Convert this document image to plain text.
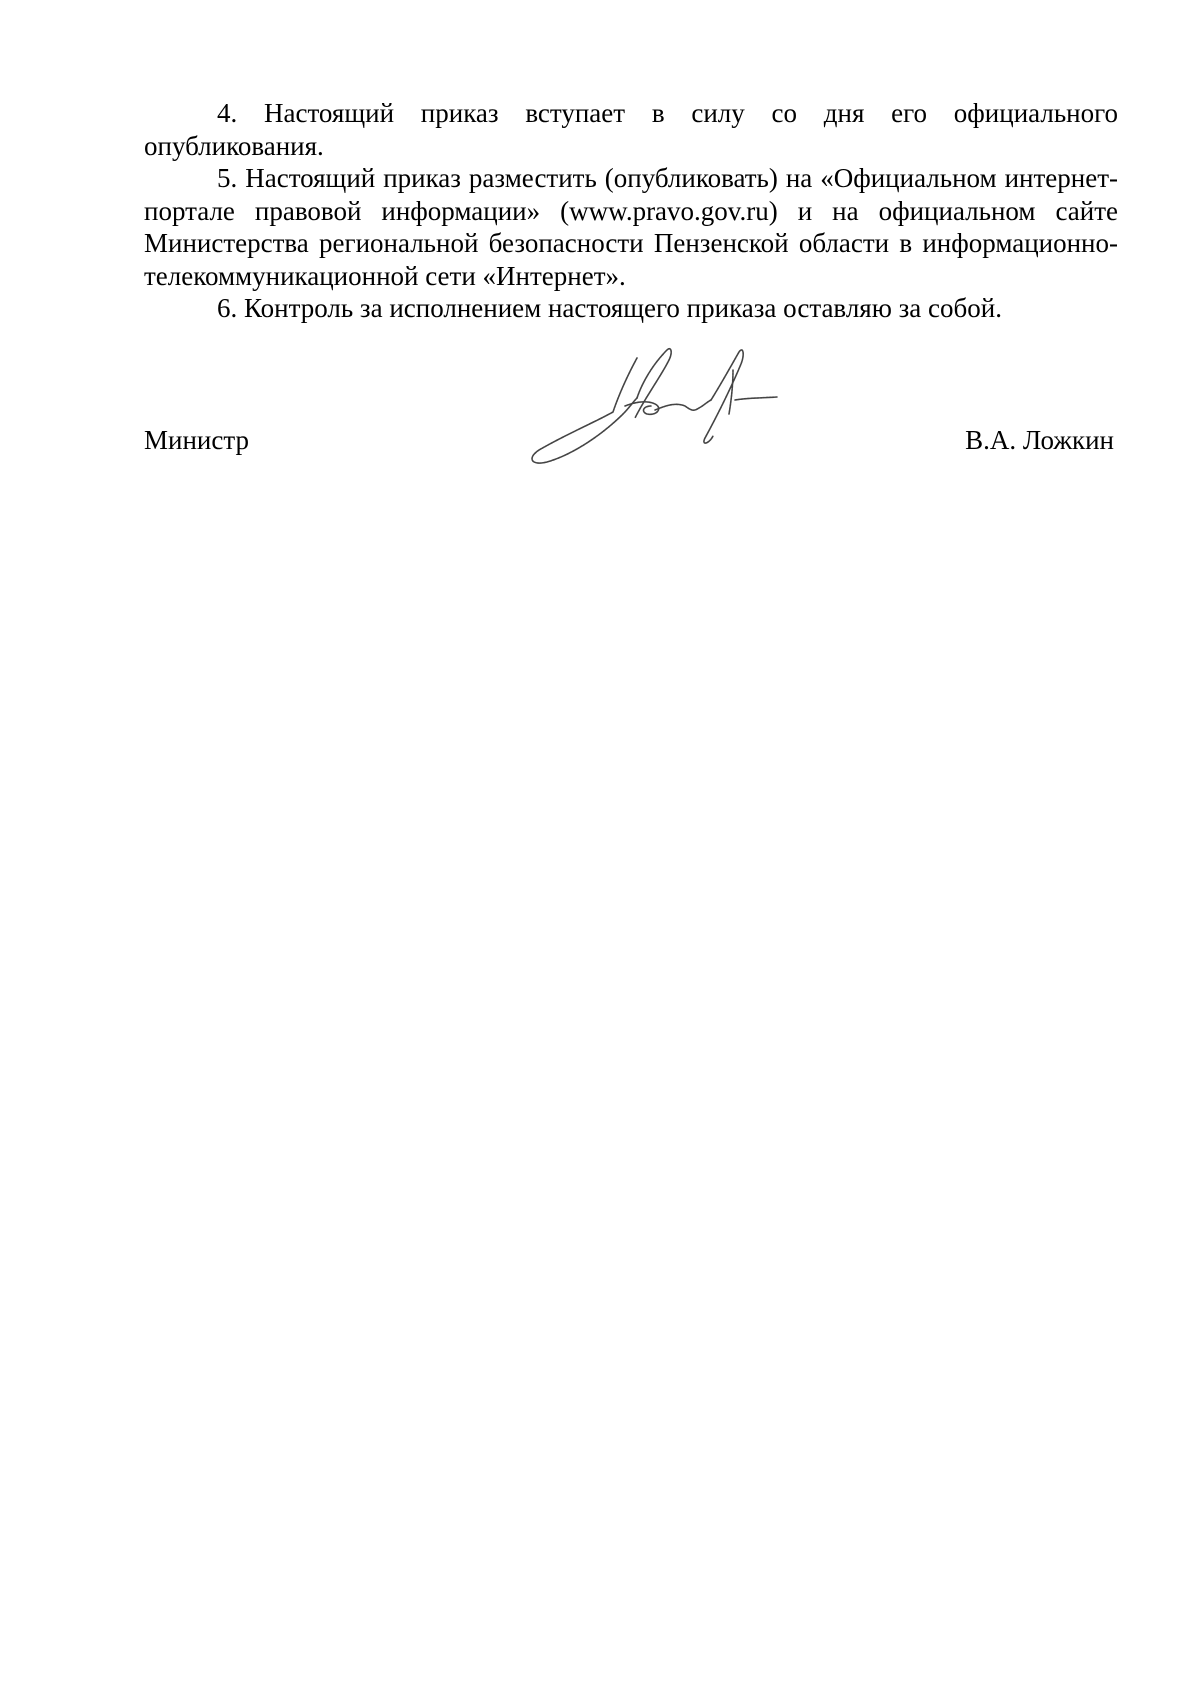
4. Настоящий приказ вступает в силу со дня его официального опубликования.

5. Настоящий приказ разместить (опубликовать) на «Официальном интернет-портале правовой информации» (www.pravo.gov.ru) и на официальном сайте Министерства региональной безопасности Пензенской области в информационно-телекоммуникационной сети «Интернет».

6. Контроль за исполнением настоящего приказа оставляю за собой.

Министр	В.А. Ложкин
